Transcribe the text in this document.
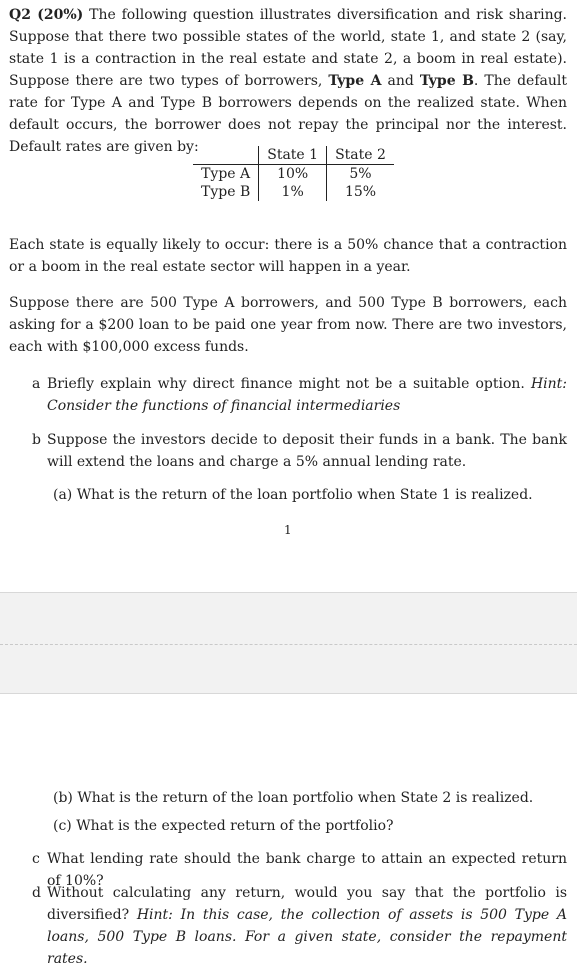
Q2 (20%) The following question illustrates diversification and risk sharing. Suppose that there two possible states of the world, state 1, and state 2 (say, state 1 is a contraction in the real estate and state 2, a boom in real estate). Suppose there are two types of borrowers, Type A and Type B. The default rate for Type A and Type B borrowers depends on the realized state. When default occurs, the borrower does not repay the principal nor the interest. Default rates are given by:
		State 1	State 2
Type A	10%	5%
Type B	1%	15%
Each state is equally likely to occur: there is a 50% chance that a contraction or a boom in the real estate sector will happen in a year.
Suppose there are 500 Type A borrowers, and 500 Type B borrowers, each asking for a $200 loan to be paid one year from now. There are two investors, each with $100,000 excess funds.
a Briefly explain why direct finance might not be a suitable option. Hint: Consider the functions of financial intermediaries
b Suppose the investors decide to deposit their funds in a bank. The bank will extend the loans and charge a 5% annual lending rate.
(a) What is the return of the loan portfolio when State 1 is realized.
1
(b) What is the return of the loan portfolio when State 2 is realized.
(c) What is the expected return of the portfolio?
c What lending rate should the bank charge to attain an expected return of 10%?
d Without calculating any return, would you say that the portfolio is diversified? Hint: In this case, the collection of assets is 500 Type A loans, 500 Type B loans. For a given state, consider the repayment rates.
